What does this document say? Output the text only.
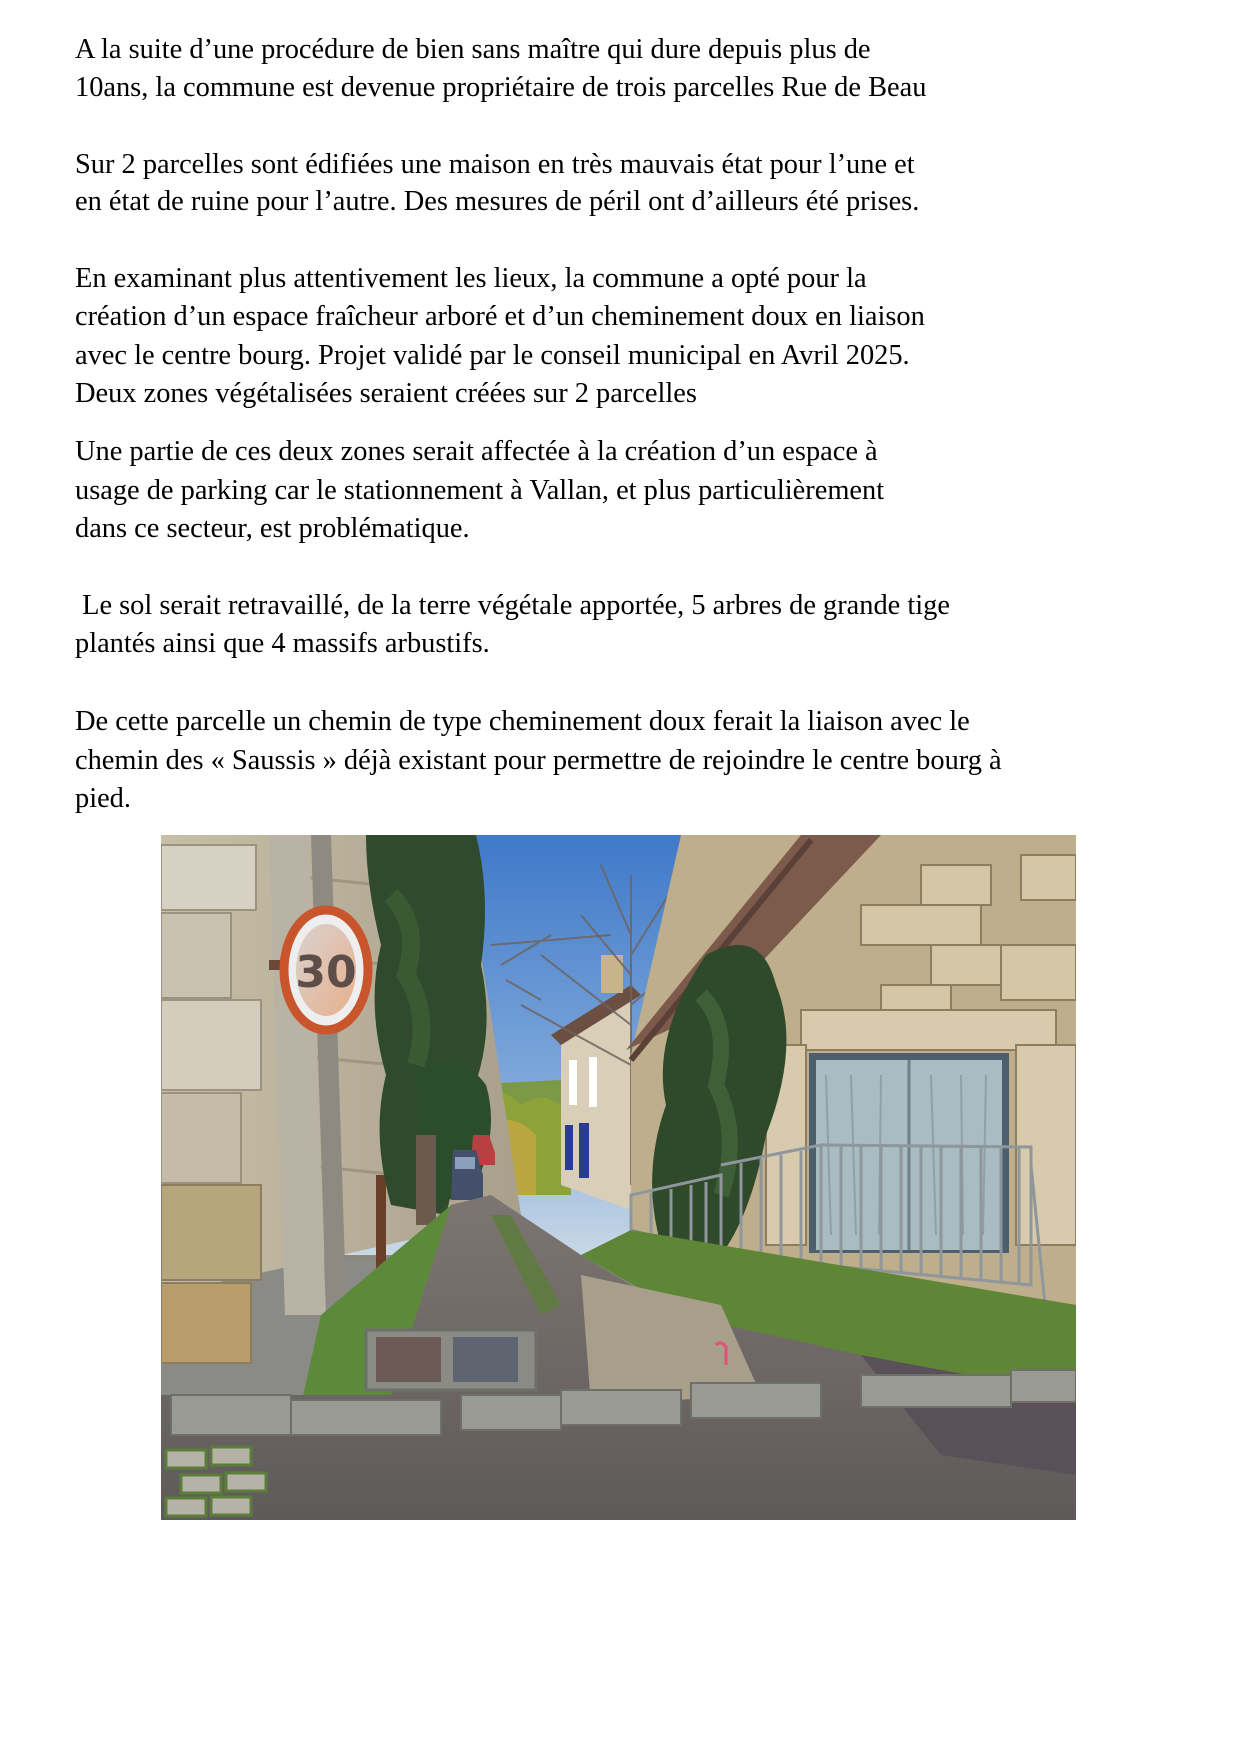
A la suite d’une procédure de bien sans maître qui dure depuis plus de
10ans, la commune est devenue propriétaire de trois parcelles Rue de Beau
Sur 2 parcelles sont édifiées une maison en très mauvais état pour l’une et
en état de ruine pour l’autre. Des mesures de péril ont d’ailleurs été prises.
En examinant plus attentivement les lieux, la commune a opté pour la
création d’un espace fraîcheur arboré et d’un cheminement doux en liaison
avec le centre bourg. Projet validé par le conseil municipal en Avril 2025.
Deux zones végétalisées seraient créées sur 2 parcelles
Une partie de ces deux zones serait affectée à la création d’un espace à
usage de parking car le stationnement à Vallan, et plus particulièrement
dans ce secteur, est problématique.
Le sol serait retravaillé, de la terre végétale apportée, 5 arbres de grande tige
plantés ainsi que 4 massifs arbustifs.
De cette parcelle un chemin de type cheminement doux ferait la liaison avec le
chemin des « Saussis » déjà existant pour permettre de rejoindre le centre bourg à
pied.
30
